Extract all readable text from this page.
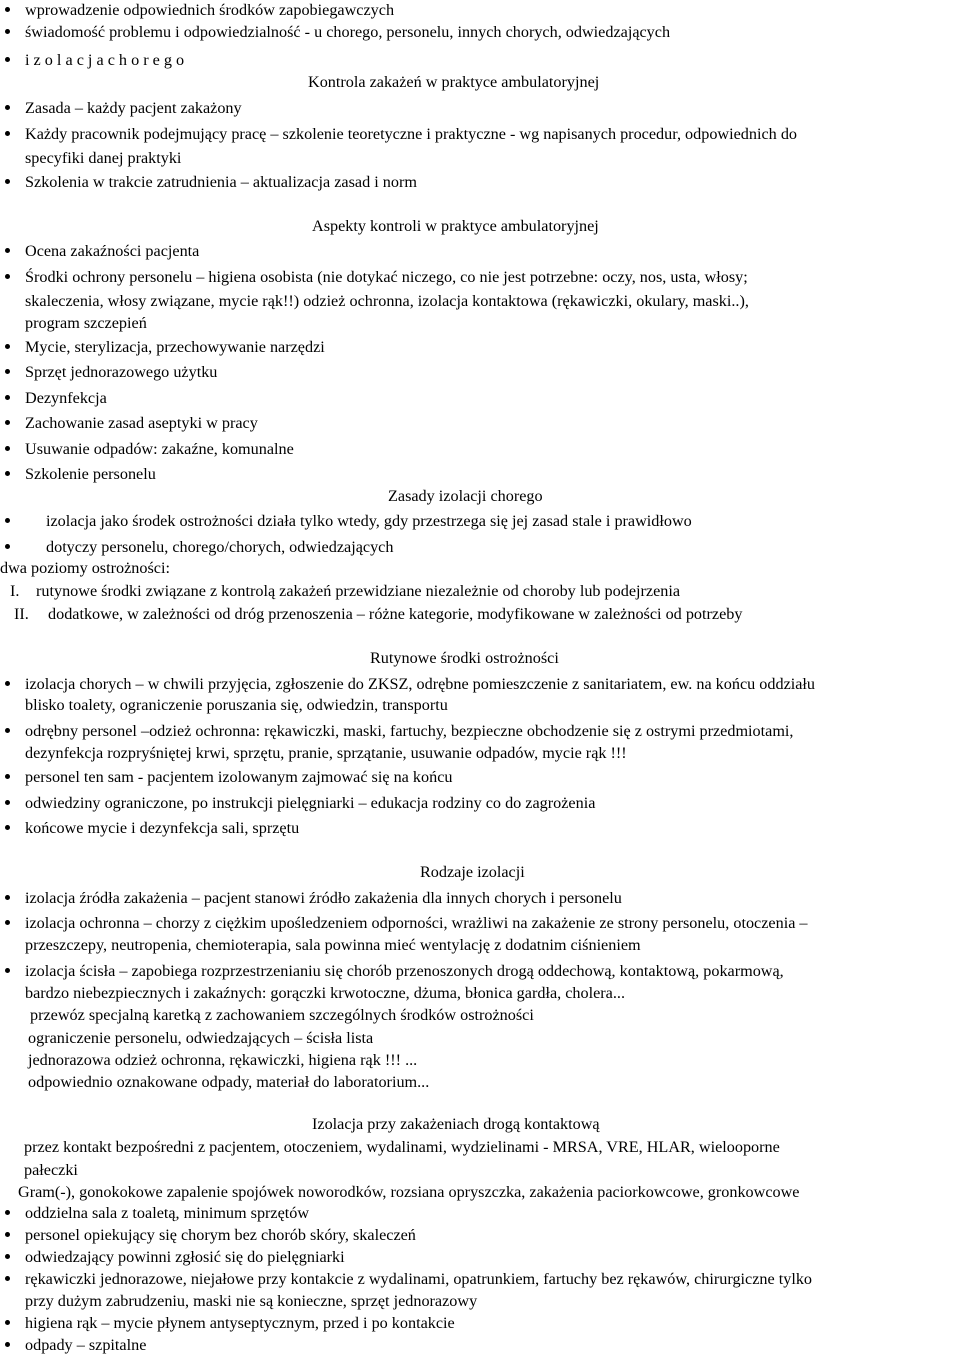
wprowadzenie odpowiednich środków zapobiegawczych
świadomość problemu i odpowiedzialność - u chorego, personelu, innych chorych, odwiedzających
i z o l a c j a c h o r e g o
Kontrola zakażeń w praktyce ambulatoryjnej
Zasada – każdy pacjent zakażony
Każdy pracownik podejmujący pracę – szkolenie teoretyczne i praktyczne - wg napisanych procedur, odpowiednich do
specyfiki danej praktyki
Szkolenia w trakcie zatrudnienia – aktualizacja zasad i norm
Aspekty kontroli w praktyce ambulatoryjnej
Ocena zakaźności pacjenta
Środki ochrony personelu – higiena osobista (nie dotykać niczego, co nie jest potrzebne: oczy, nos, usta, włosy;
skaleczenia, włosy związane, mycie rąk!!) odzież ochronna, izolacja kontaktowa (rękawiczki, okulary, maski..),
program szczepień
Mycie, sterylizacja, przechowywanie narzędzi
Sprzęt jednorazowego użytku
Dezynfekcja
Zachowanie zasad aseptyki w pracy
Usuwanie odpadów: zakaźne, komunalne
Szkolenie personelu
Zasady izolacji chorego
izolacja jako środek ostrożności działa tylko wtedy, gdy przestrzega się jej zasad stale i prawidłowo
dotyczy personelu, chorego/chorych, odwiedzających
dwa poziomy ostrożności:
I. rutynowe środki związane z kontrolą zakażeń przewidziane niezależnie od choroby lub podejrzenia
II. dodatkowe, w zależności od dróg przenoszenia – różne kategorie, modyfikowane w zależności od potrzeby
Rutynowe środki ostrożności
izolacja chorych – w chwili przyjęcia, zgłoszenie do ZKSZ, odrębne pomieszczenie z sanitariatem, ew. na końcu oddziału
blisko toalety, ograniczenie poruszania się, odwiedzin, transportu
odrębny personel –odzież ochronna: rękawiczki, maski, fartuchy, bezpieczne obchodzenie się z ostrymi przedmiotami,
dezynfekcja rozpryśniętej krwi, sprzętu, pranie, sprzątanie, usuwanie odpadów, mycie rąk !!!
personel ten sam - pacjentem izolowanym zajmować się na końcu
odwiedziny ograniczone, po instrukcji pielęgniarki – edukacja rodziny co do zagrożenia
końcowe mycie i dezynfekcja sali, sprzętu
Rodzaje izolacji
izolacja źródła zakażenia – pacjent stanowi źródło zakażenia dla innych chorych i personelu
izolacja ochronna – chorzy z ciężkim upośledzeniem odporności, wrażliwi na zakażenie ze strony personelu, otoczenia –
przeszczepy, neutropenia, chemioterapia, sala powinna mieć wentylację z dodatnim ciśnieniem
izolacja ścisła – zapobiega rozprzestrzenianiu się chorób przenoszonych drogą oddechową, kontaktową, pokarmową,
bardzo niebezpiecznych i zakaźnych: gorączki krwotoczne, dżuma, błonica gardła, cholera...
przewóz specjalną karetką z zachowaniem szczególnych środków ostrożności
ograniczenie personelu, odwiedzających – ścisła lista
jednorazowa odzież ochronna, rękawiczki, higiena rąk !!! ...
odpowiednio oznakowane odpady, materiał do laboratorium...
Izolacja przy zakażeniach drogą kontaktową
przez kontakt bezpośredni z pacjentem, otoczeniem, wydalinami, wydzielinami - MRSA, VRE, HLAR, wieloopornе
pałeczki
Gram(-), gonokokowe zapalenie spojówek noworodków, rozsiana opryszczka, zakażenia paciorkowcowe, gronkowcowe
oddzielna sala z toaletą, minimum sprzętów
personel opiekujący się chorym bez chorób skóry, skaleczeń
odwiedzający powinni zgłosić się do pielęgniarki
rękawiczki jednorazowe, niejałowe przy kontakcie z wydalinami, opatrunkiem, fartuchy bez rękawów, chirurgiczne tylko
przy dużym zabrudzeniu, maski nie są konieczne, sprzęt jednorazowy
higiena rąk – mycie płynem antyseptycznym, przed i po kontakcie
odpady – szpitalne
